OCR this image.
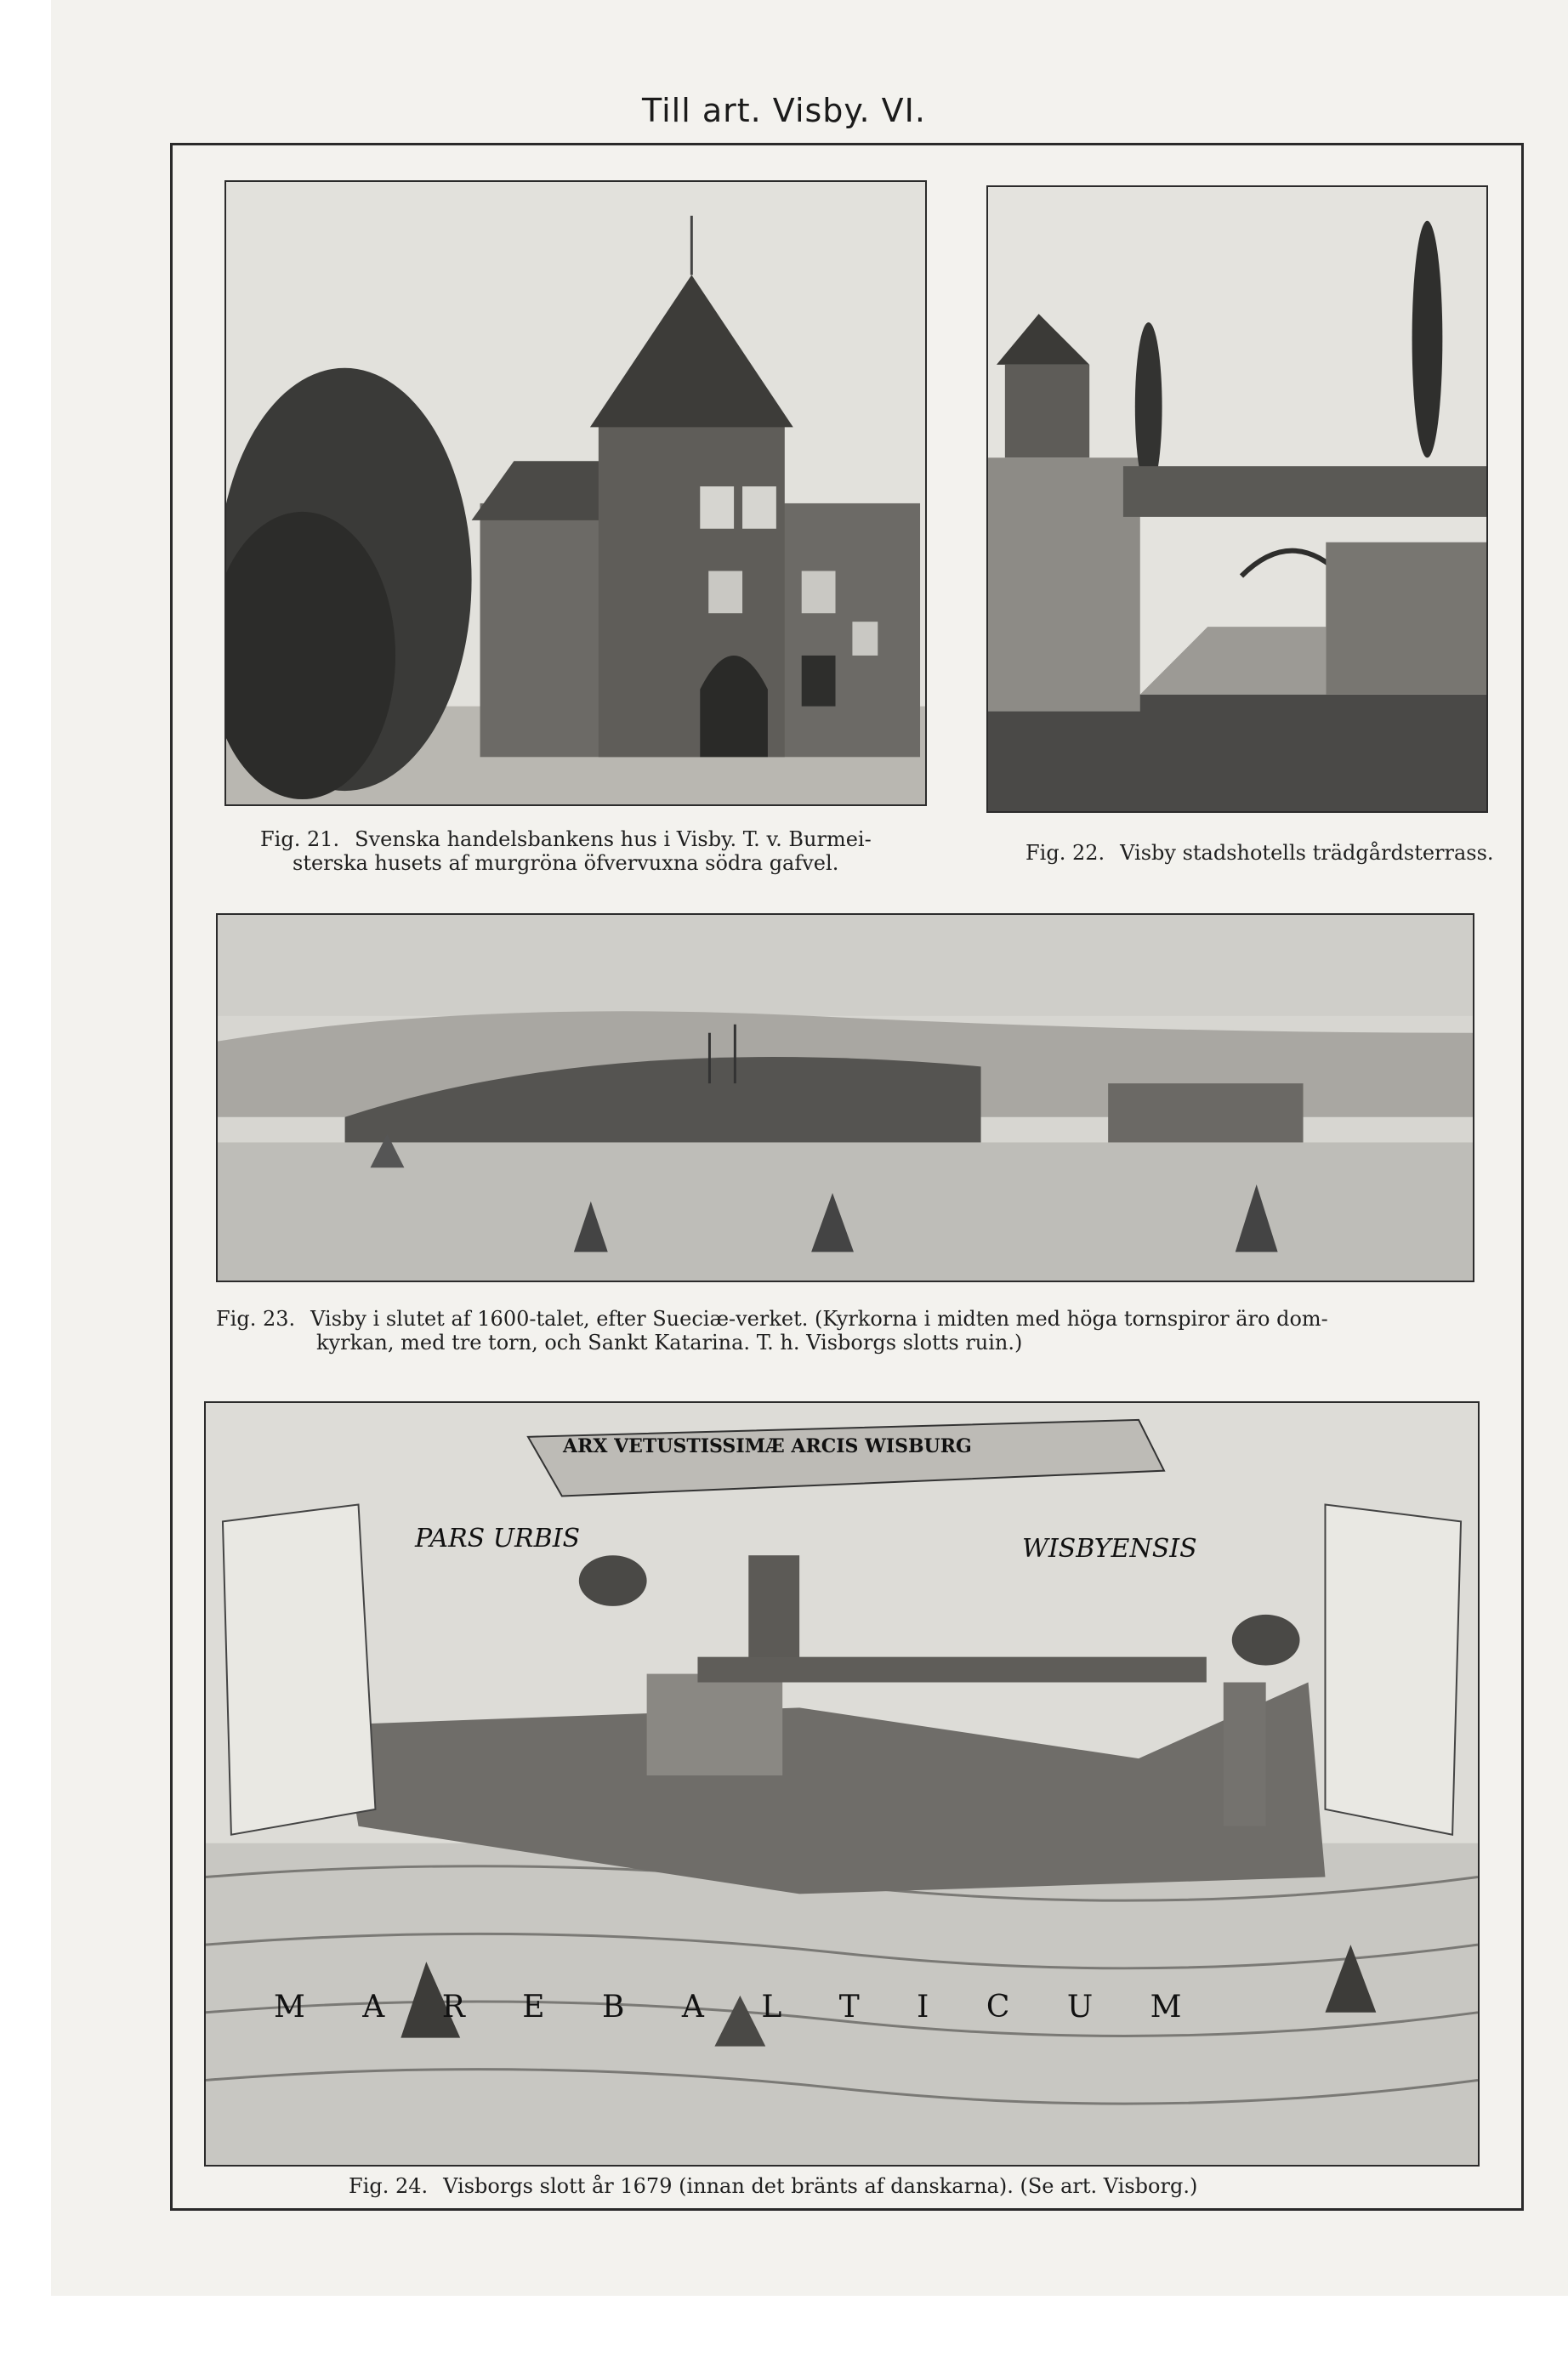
Till art. Visby. VI.
Fig. 21. Svenska handelsbankens hus i Visby. T. v. Burmei-
sterska husets af murgröna öfvervuxna södra gafvel.	Fig. 22. Visby stadshotells trädgårdsterrass.
Fig. 23. Visby i slutet af 1600-talet, efter Sueciæ-verket. (Kyrkorna i midten med höga tornspiror äro dom-
kyrkan, med tre torn, och Sankt Katarina. T. h. Visborgs slotts ruin.)
ARX VETUSTISSIMÆ ARCIS WISBURG
PARS URBIS	WISBYENSIS
M A R E B A L T I C U M
Fig. 24. Visborgs slott år 1679 (innan det bränts af danskarna). (Se art. Visborg.)
